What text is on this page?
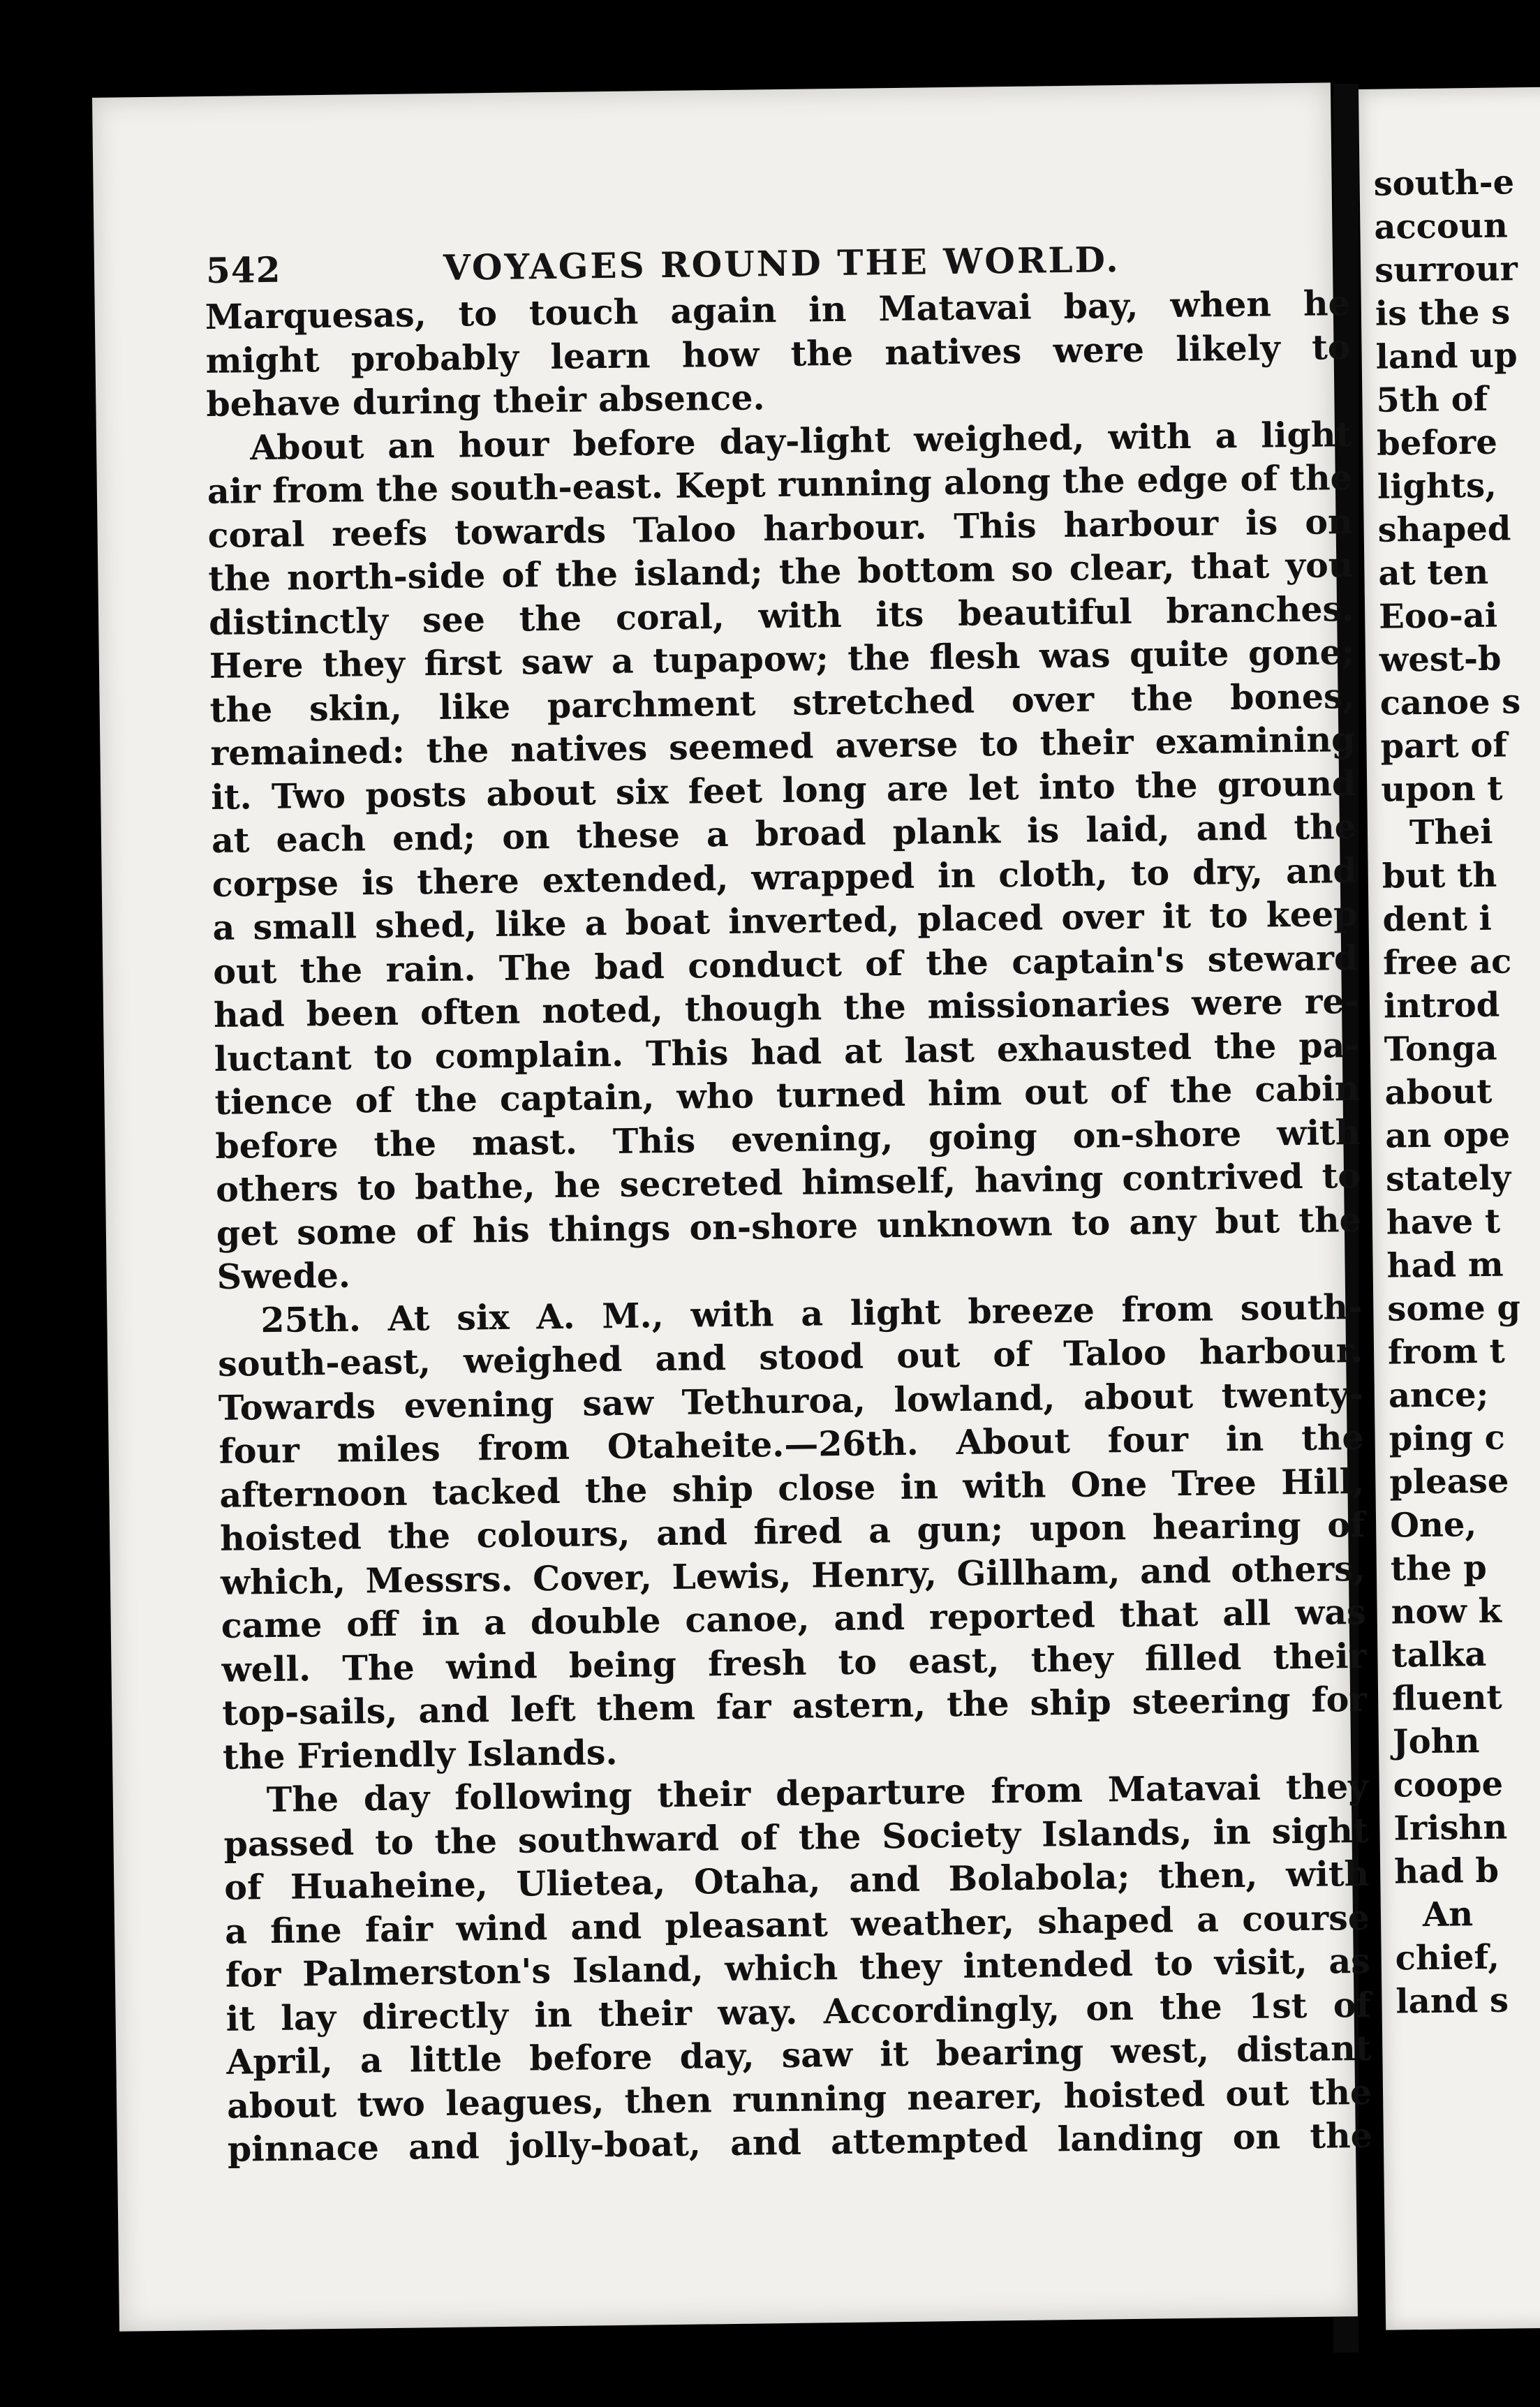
542	VOYAGES ROUND THE WORLD.
Marquesas, to touch again in Matavai bay, when he
might probably learn how the natives were likely to
behave during their absence.
About an hour before day-light weighed, with a light
air from the south-east. Kept running along the edge of the
coral reefs towards Taloo harbour. This harbour is on
the north-side of the island; the bottom so clear, that you
distinctly see the coral, with its beautiful branches.
Here they first saw a tupapow; the flesh was quite gone;
the skin, like parchment stretched over the bones,
remained: the natives seemed averse to their examining
it. Two posts about six feet long are let into the ground
at each end; on these a broad plank is laid, and the
corpse is there extended, wrapped in cloth, to dry, and
a small shed, like a boat inverted, placed over it to keep
out the rain. The bad conduct of the captain's steward
had been often noted, though the missionaries were re-
luctant to complain. This had at last exhausted the pa-
tience of the captain, who turned him out of the cabin
before the mast. This evening, going on-shore with
others to bathe, he secreted himself, having contrived to
get some of his things on-shore unknown to any but the
Swede.
25th. At six A. M., with a light breeze from south-
south-east, weighed and stood out of Taloo harbour.
Towards evening saw Tethuroa, lowland, about twenty-
four miles from Otaheite.—26th. About four in the
afternoon tacked the ship close in with One Tree Hill,
hoisted the colours, and fired a gun; upon hearing of
which, Messrs. Cover, Lewis, Henry, Gillham, and others,
came off in a double canoe, and reported that all was
well. The wind being fresh to east, they filled their
top-sails, and left them far astern, the ship steering for
the Friendly Islands.
The day following their departure from Matavai they
passed to the southward of the Society Islands, in sight
of Huaheine, Ulietea, Otaha, and Bolabola; then, with
a fine fair wind and pleasant weather, shaped a course
for Palmerston's Island, which they intended to visit, as
it lay directly in their way. Accordingly, on the 1st of
April, a little before day, saw it bearing west, distant
about two leagues, then running nearer, hoisted out the
pinnace and jolly-boat, and attempted landing on the
south-e
accoun
surrour
is the s
land up
5th of
before
lights,
shaped
at ten
Eoo-ai
west-b
canoe s
part of
upon t
Thei
but th
dent i
free ac
introd
Tonga
about
an ope
stately
have t
had m
some g
from t
ance;
ping c
please
One,
the p
now k
talka
fluent
John
coope
Irishn
had b
An
chief,
land s
